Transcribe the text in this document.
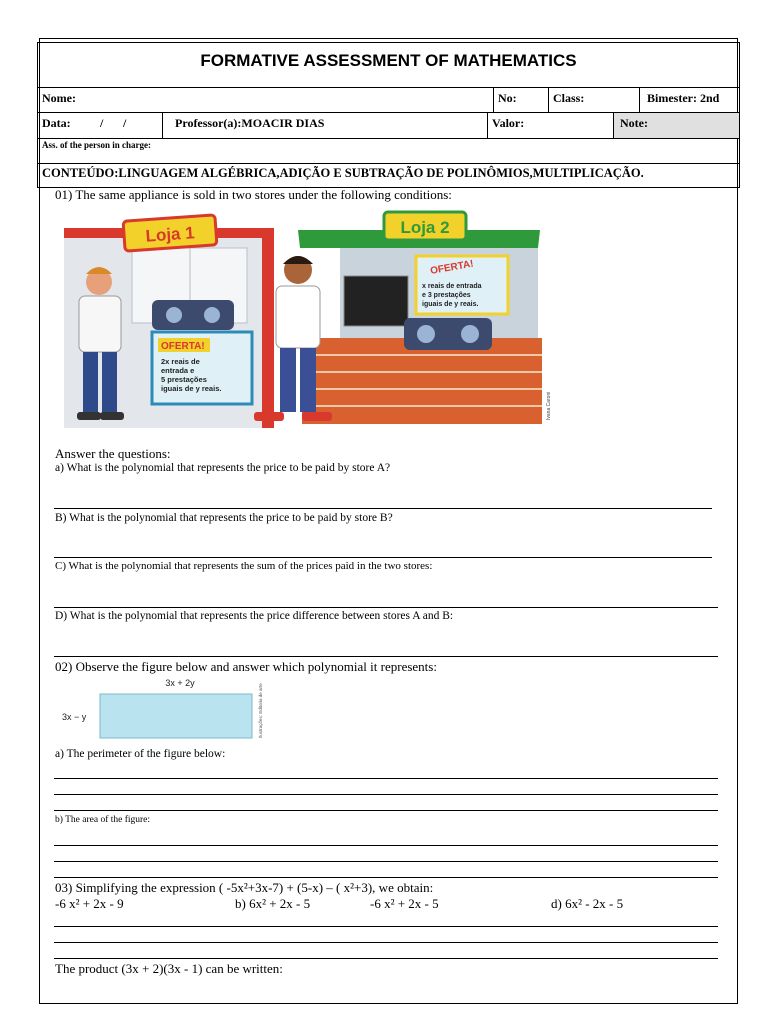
FORMATIVE ASSESSMENT OF MATHEMATICS
Nome:	No:	Class:	Bimester: 2nd
Data: / /	Professor(a):MOACIR DIAS	Valor:	Note:
Ass. of the person in charge:
CONTEÚDO:LINGUAGEM ALGÉBRICA,ADIÇÃO E SUBTRAÇÃO DE POLINÔMIOS,MULTIPLICAÇÃO.
01) The same appliance is sold in two stores under the following conditions:
Loja 1
OFERTA!
2x reais de
entrada e
5 prestações
iguais de y reais.
Loja 2
OFERTA!
x reais de entrada
e 3 prestações
iguais de y reais.
Ivana Caroni
Answer the questions:
a) What is the polynomial that represents the price to be paid by store A?
B) What is the polynomial that represents the price to be paid by store B?
C) What is the polynomial that represents the sum of the prices paid in the two stores:
D) What is the polynomial that represents the price difference between stores A and B:
02) Observe the figure below and answer which polynomial it represents:
3x + 2y
3x − y	Ilustrações: Editoria de arte
a) The perimeter of the figure below:
b) The area of the figure:
03) Simplifying the expression ( -5x²+3x-7) + (5-x) – ( x²+3), we obtain:
-6 x² + 2x - 9	b) 6x² + 2x - 5	-6 x² + 2x - 5	d) 6x² - 2x - 5
The product (3x + 2)(3x - 1) can be written:
